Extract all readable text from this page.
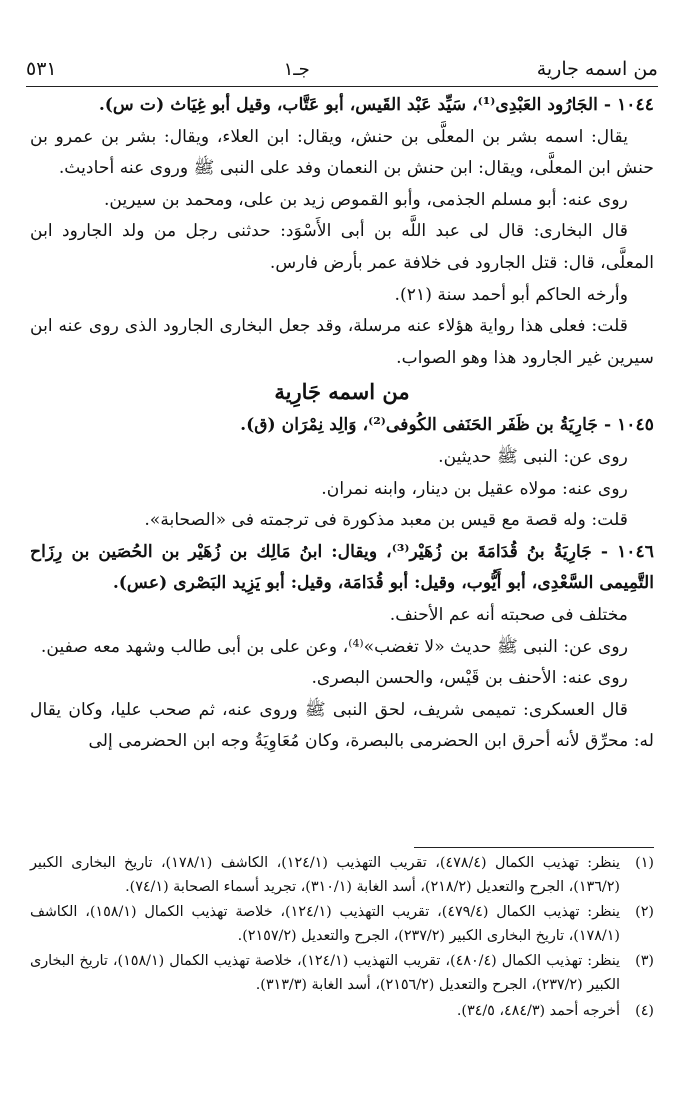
٥٣١	جـ١	من اسمه جارية

١٠٤٤ - الجَارُود العَبْدِى⁽¹⁾، سَيِّد عَبْد القَيس، أبو عَتَّاب، وقيل أبو غِيَاث (ت س).

يقال: اسمه بشر بن المعلَّى بن حنش، ويقال: ابن العلاء، ويقال: بشر بن عمرو بن حنش ابن المعلَّى، ويقال: ابن حنش بن النعمان وفد على النبى ﷺ وروى عنه أحاديث.

روى عنه: أبو مسلم الجذمى، وأبو القموص زيد بن على، ومحمد بن سيرين.

قال البخارى: قال لى عبد اللَّه بن أبى الأَسْوَد: حدثنى رجل من ولد الجارود ابن المعلَّى، قال: قتل الجارود فى خلافة عمر بأرض فارس.

وأرخه الحاكم أبو أحمد سنة (٢١).

قلت: فعلى هذا رواية هؤلاء عنه مرسلة، وقد جعل البخارى الجارود الذى روى عنه ابن سيرين غير الجارود هذا وهو الصواب.

من اسمه جَارِية

١٠٤٥ - جَارِيَةُ بن ظَفَر الحَنَفى الكُوفى⁽²⁾، وَالِد نِمْرَان (ق).

روى عن: النبى ﷺ حديثين.

روى عنه: مولاه عقيل بن دينار، وابنه نمران.

قلت: وله قصة مع قيس بن معبد مذكورة فى ترجمته فى «الصحابة».

١٠٤٦ - جَارِيَةُ بنُ قُدَامَةَ بن زُهَيْر⁽³⁾، ويقال: ابنُ مَالِك بن زُهَيْر بن الحُصَين بن رِزَاح التَّمِيمى السَّعْدِى، أبو أَيُّوب، وقيل: أبو قُدَامَة، وقيل: أبو يَزِيد البَصْرى (عس).

مختلف فى صحبته أنه عم الأحنف.

روى عن: النبى ﷺ حديث «لا تغضب»⁽⁴⁾، وعن على بن أبى طالب وشهد معه صفين.

روى عنه: الأحنف بن قَيْس، والحسن البصرى.

قال العسكرى: تميمى شريف، لحق النبى ﷺ وروى عنه، ثم صحب عليا، وكان يقال له: محرِّق لأنه أحرق ابن الحضرمى بالبصرة، وكان مُعَاوِيَةُ وجه ابن الحضرمى إلى

(١)
ينظر: تهذيب الكمال (٤٧٨/٤)، تقريب التهذيب (١٢٤/١)، الكاشف (١٧٨/١)، تاريخ البخارى الكبير (١٣٦/٢)، الجرح والتعديل (٢١٨/٢)، أسد الغابة (٣١٠/١)، تجريد أسماء الصحابة (٧٤/١).
(٢)
ينظر: تهذيب الكمال (٤٧٩/٤)، تقريب التهذيب (١٢٤/١)، خلاصة تهذيب الكمال (١٥٨/١)، الكاشف (١٧٨/١)، تاريخ البخارى الكبير (٢٣٧/٢)، الجرح والتعديل (٢١٥٧/٢).
(٣)
ينظر: تهذيب الكمال (٤٨٠/٤)، تقريب التهذيب (١٢٤/١)، خلاصة تهذيب الكمال (١٥٨/١)، تاريخ البخارى الكبير (٢٣٧/٢)، الجرح والتعديل (٢١٥٦/٢)، أسد الغابة (٣١٣/٣).
(٤)
أخرجه أحمد (٤٨٤/٣، ٣٤/٥).
